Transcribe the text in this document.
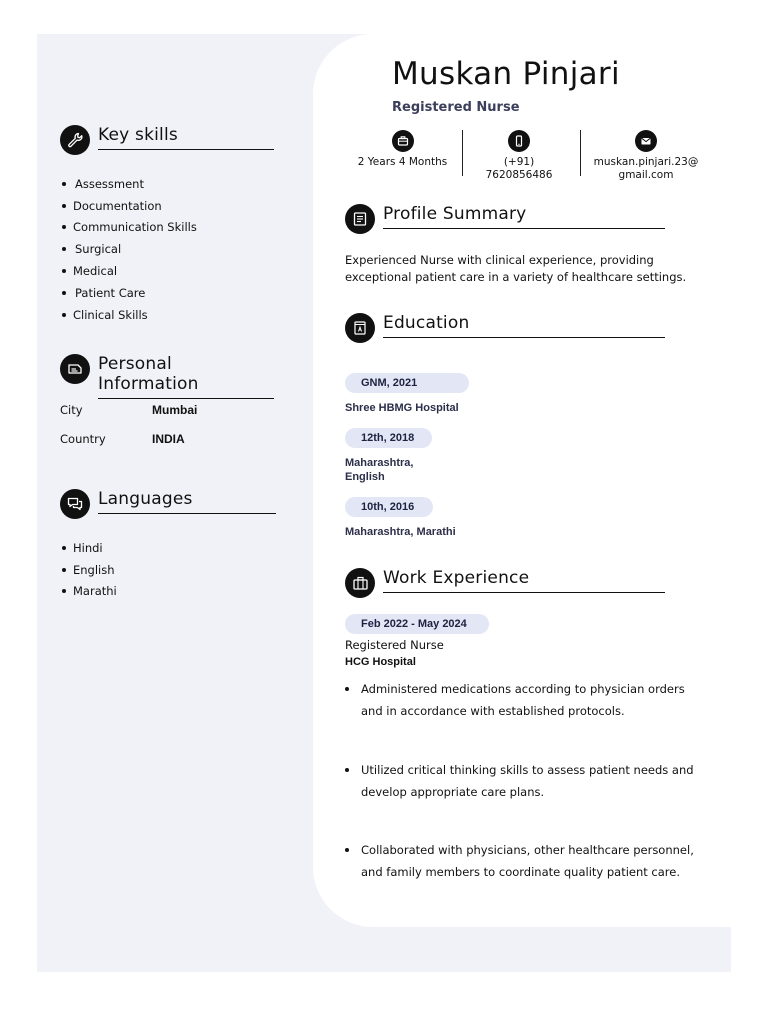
Muskan Pinjari
Registered Nurse
2 Years 4 Months	(+91)
7620856486
muskan.pinjari.23@
gmail.com
Key skills
Assessment
Documentation
Communication Skills
Surgical
Medical
Patient Care
Clinical Skills
Personal Information
City	Mumbai
Country	INDIA
Languages
Hindi
English
Marathi
Profile Summary
Experienced Nurse with clinical experience, providing exceptional patient care in a variety of healthcare settings.
Education
GNM, 2021
Shree HBMG Hospital
12th, 2018
Maharashtra,
English
10th, 2016
Maharashtra, Marathi
Work Experience
Feb 2022 - May 2024
Registered Nurse
HCG Hospital
Administered medications according to physician orders and in accordance with established protocols.
Utilized critical thinking skills to assess patient needs and develop appropriate care plans.
Collaborated with physicians, other healthcare personnel, and family members to coordinate quality patient care.
